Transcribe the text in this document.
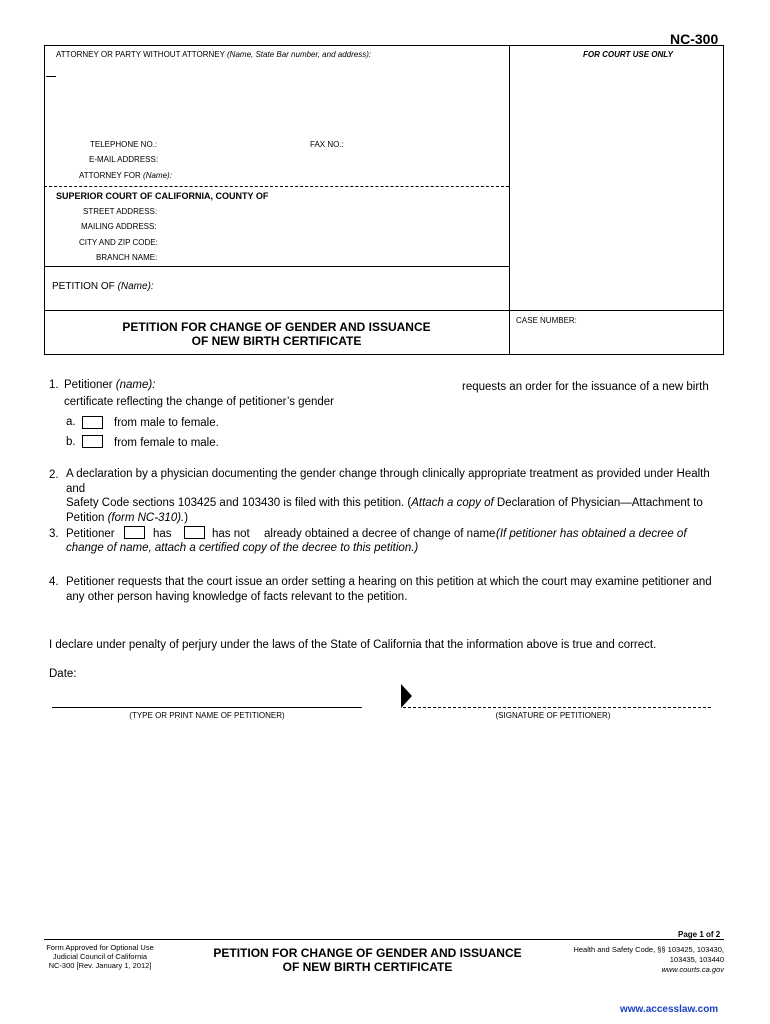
NC-300
ATTORNEY OR PARTY WITHOUT ATTORNEY (Name, State Bar number, and address):	FOR COURT USE ONLY
TELEPHONE NO.:	FAX NO.:
E-MAIL ADDRESS:
ATTORNEY FOR (Name):
SUPERIOR COURT OF CALIFORNIA, COUNTY OF
STREET ADDRESS:
MAILING ADDRESS:
CITY AND ZIP CODE:
BRANCH NAME:
PETITION OF (Name):
CASE NUMBER:
PETITION FOR CHANGE OF GENDER AND ISSUANCE
OF NEW BIRTH CERTIFICATE
1. Petitioner (name):	requests an order for the issuance of a new birth
certificate reflecting the change of petitioner’s gender
a.	from male to female.
b.	from female to male.
2. A declaration by a physician documenting the gender change through clinically appropriate treatment as provided under Health and
Safety Code sections 103425 and 103430 is filed with this petition. (Attach a copy of Declaration of Physician—Attachment to
Petition (form NC-310).)
3. Petitioner	has	has not already obtained a decree of change of name.
(If petitioner has obtained a decree of
change of name, attach a certified copy of the decree to this petition.)
4. Petitioner requests that the court issue an order setting a hearing on this petition at which the court may examine petitioner and
any other person having knowledge of facts relevant to the petition.
I declare under penalty of perjury under the laws of the State of California that the information above is true and correct.
Date:
(TYPE OR PRINT NAME OF PETITIONER)	(SIGNATURE OF PETITIONER)
Page 1 of 2
Form Approved for Optional Use
Judicial Council of California
NC-300 [Rev. January 1, 2012]
PETITION FOR CHANGE OF GENDER AND ISSUANCE
OF NEW BIRTH CERTIFICATE
Health and Safety Code, §§ 103425, 103430,
103435, 103440
www.courts.ca.gov
www.accesslaw.com
